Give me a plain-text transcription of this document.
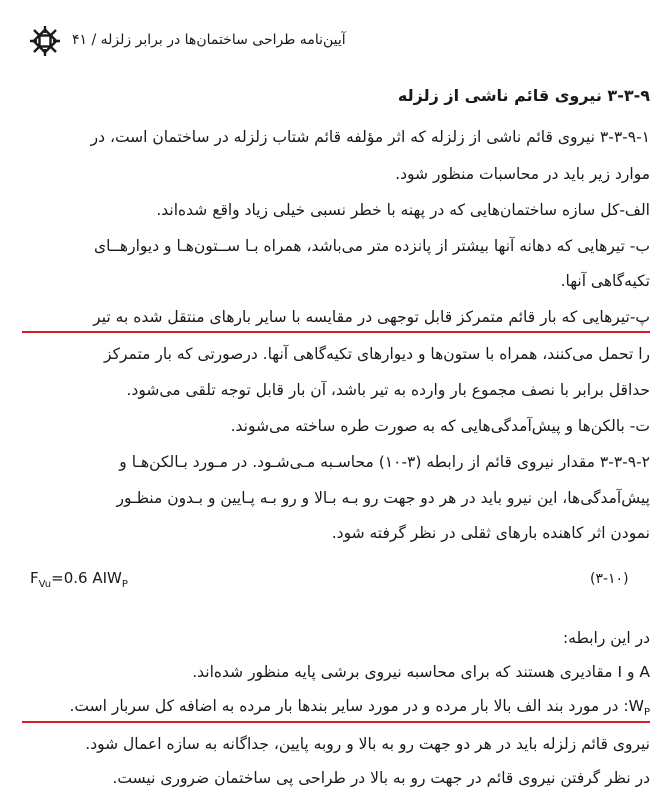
آیین‌نامه طراحی ساختمان‌ها در برابر زلزله / ۴۱
۳-۳-۹ نیروی قائم ناشی از زلزله
۳-۳-۹-۱ نیروی قائم ناشی از زلزله که اثر مؤلفه قائم شتاب زلزله در ساختمان است، در
موارد زیر باید در محاسبات منظور شود.
الف-کل سازه ساختمان‌هایی که در پهنه با خطر نسبی خیلی زیاد واقع شده‌اند.
ب- تیرهایی که دهانه آنها بیشتر از پانزده متر می‌باشد، همراه بـا ســتون‌هـا و دیوارهــای
تکیه‌گاهی آنها.
پ-تیرهایی که بار قائم متمرکز قابل توجهی در مقایسه با سایر بارهای منتقل شده به تیر
را تحمل می‌کنند، همراه با ستون‌ها و دیوارهای تکیه‌گاهی آنها. درصورتی که بار متمرکز
حداقل برابر با نصف مجموع بار وارده به تیر باشد، آن بار قابل توجه تلقی می‌شود.
ت- بالکن‌ها و پیش‌آمدگی‌هایی که به صورت طره ساخته می‌شوند.
۳-۳-۹-۲ مقدار نیروی قائم از رابطه (۳-۱۰) محاسـبه مـی‌شـود. در مـورد بـالکن‌هـا و
پیش‌آمدگی‌ها، این نیرو باید در هر دو جهت رو بـه بـالا و رو بـه پـایین و بـدون منظـور
نمودن اثر کاهنده بارهای ثقلی در نظر گرفته شود.
$F_{Vu}=0.6$ $AIW_P$	(۳-۱۰)
در این رابطه:
A و I مقادیری هستند که برای محاسبه نیروی برشی پایه منظور شده‌اند.
$W_P$: در مورد بند الف بالا بار مرده و در مورد سایر بندها بار مرده به اضافه کل سربار است.
نیروی قائم زلزله باید در هر دو جهت رو به بالا و روبه پایین، جداگانه به سازه اعمال شود.
در نظر گرفتن نیروی قائم در جهت رو به بالا در طراحی پی ساختمان ضروری نیست.
